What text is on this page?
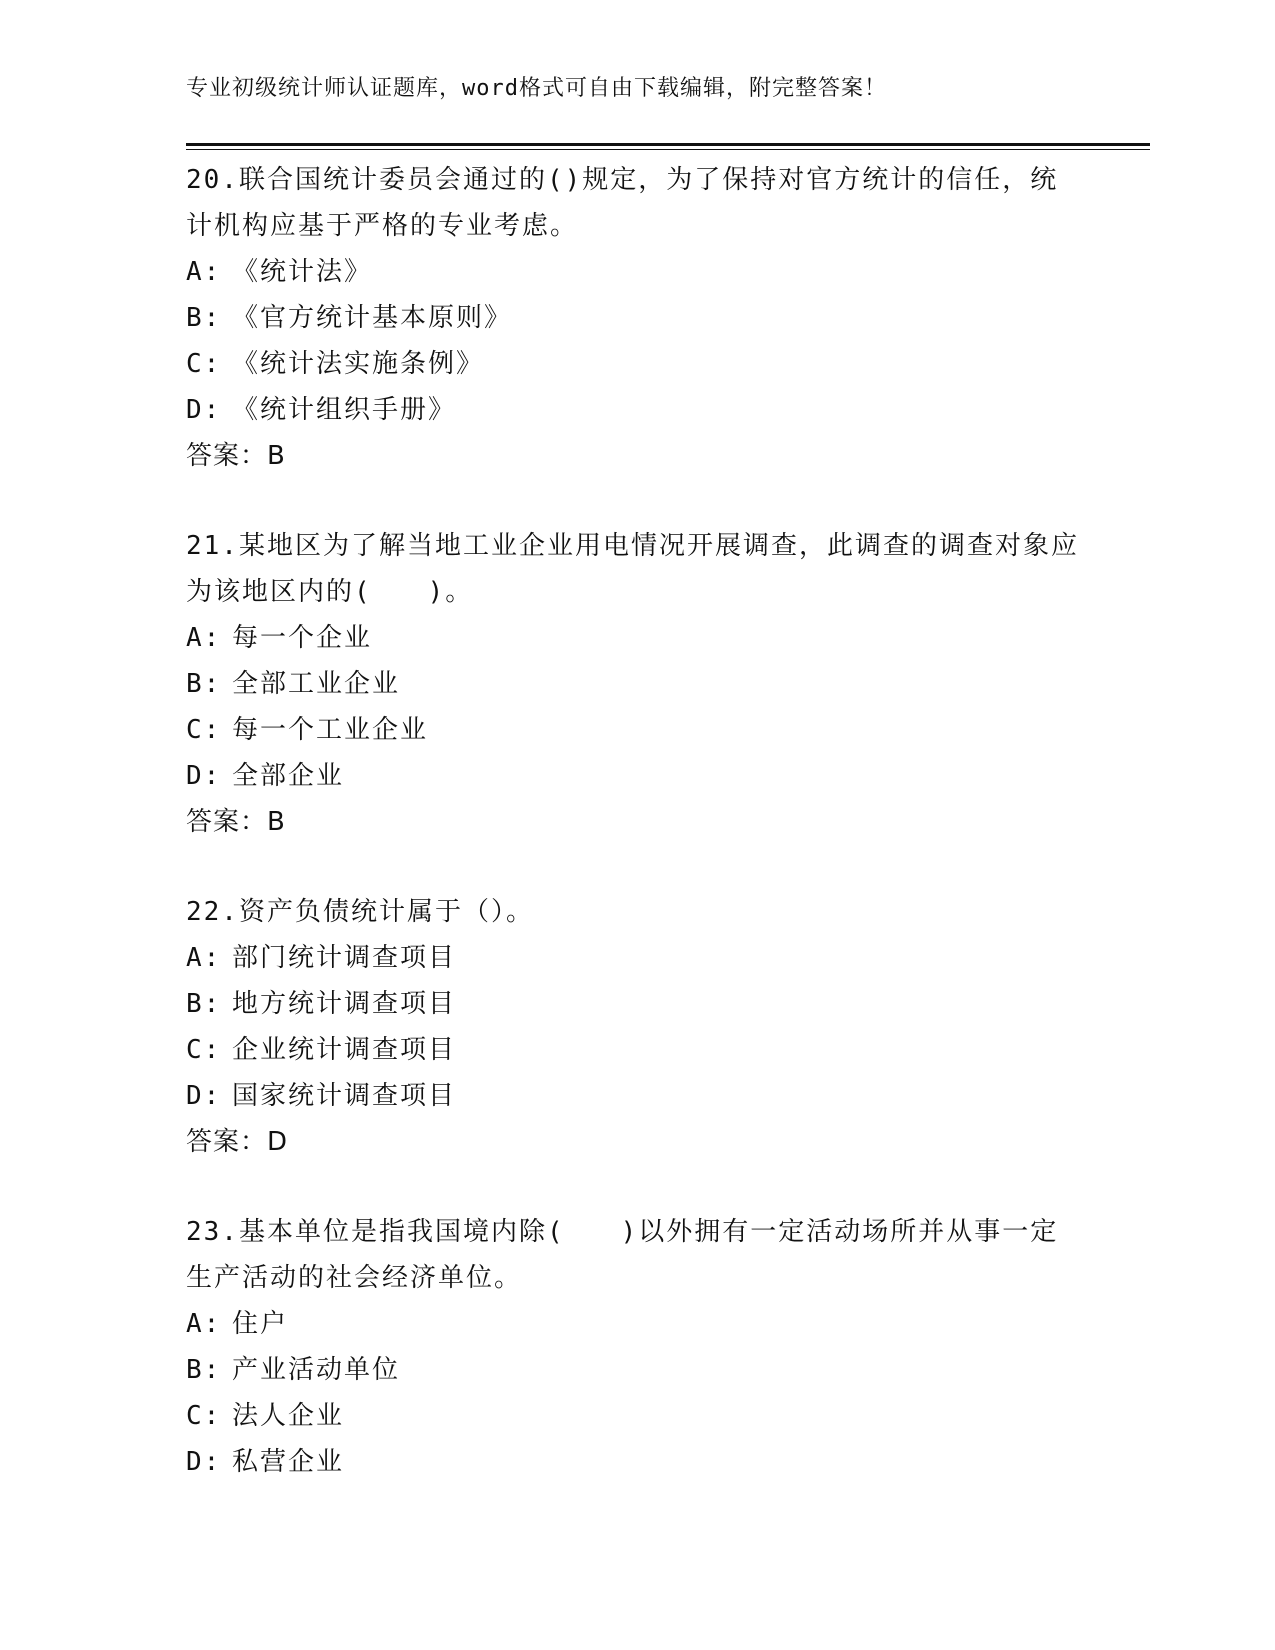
专业初级统计师认证题库，word格式可自由下载编辑，附完整答案！
20.联合国统计委员会通过的()规定，为了保持对官方统计的信任，统计机构应基于严格的专业考虑。
A: 《统计法》
B: 《官方统计基本原则》
C: 《统计法实施条例》
D: 《统计组织手册》
答案：B
21.某地区为了解当地工业企业用电情况开展调查，此调查的调查对象应为该地区内的(　　)。
A: 每一个企业
B: 全部工业企业
C: 每一个工业企业
D: 全部企业
答案：B
22.资产负债统计属于（）。
A: 部门统计调查项目
B: 地方统计调查项目
C: 企业统计调查项目
D: 国家统计调查项目
答案：D
23.基本单位是指我国境内除(　　)以外拥有一定活动场所并从事一定生产活动的社会经济单位。
A: 住户
B: 产业活动单位
C: 法人企业
D: 私营企业
